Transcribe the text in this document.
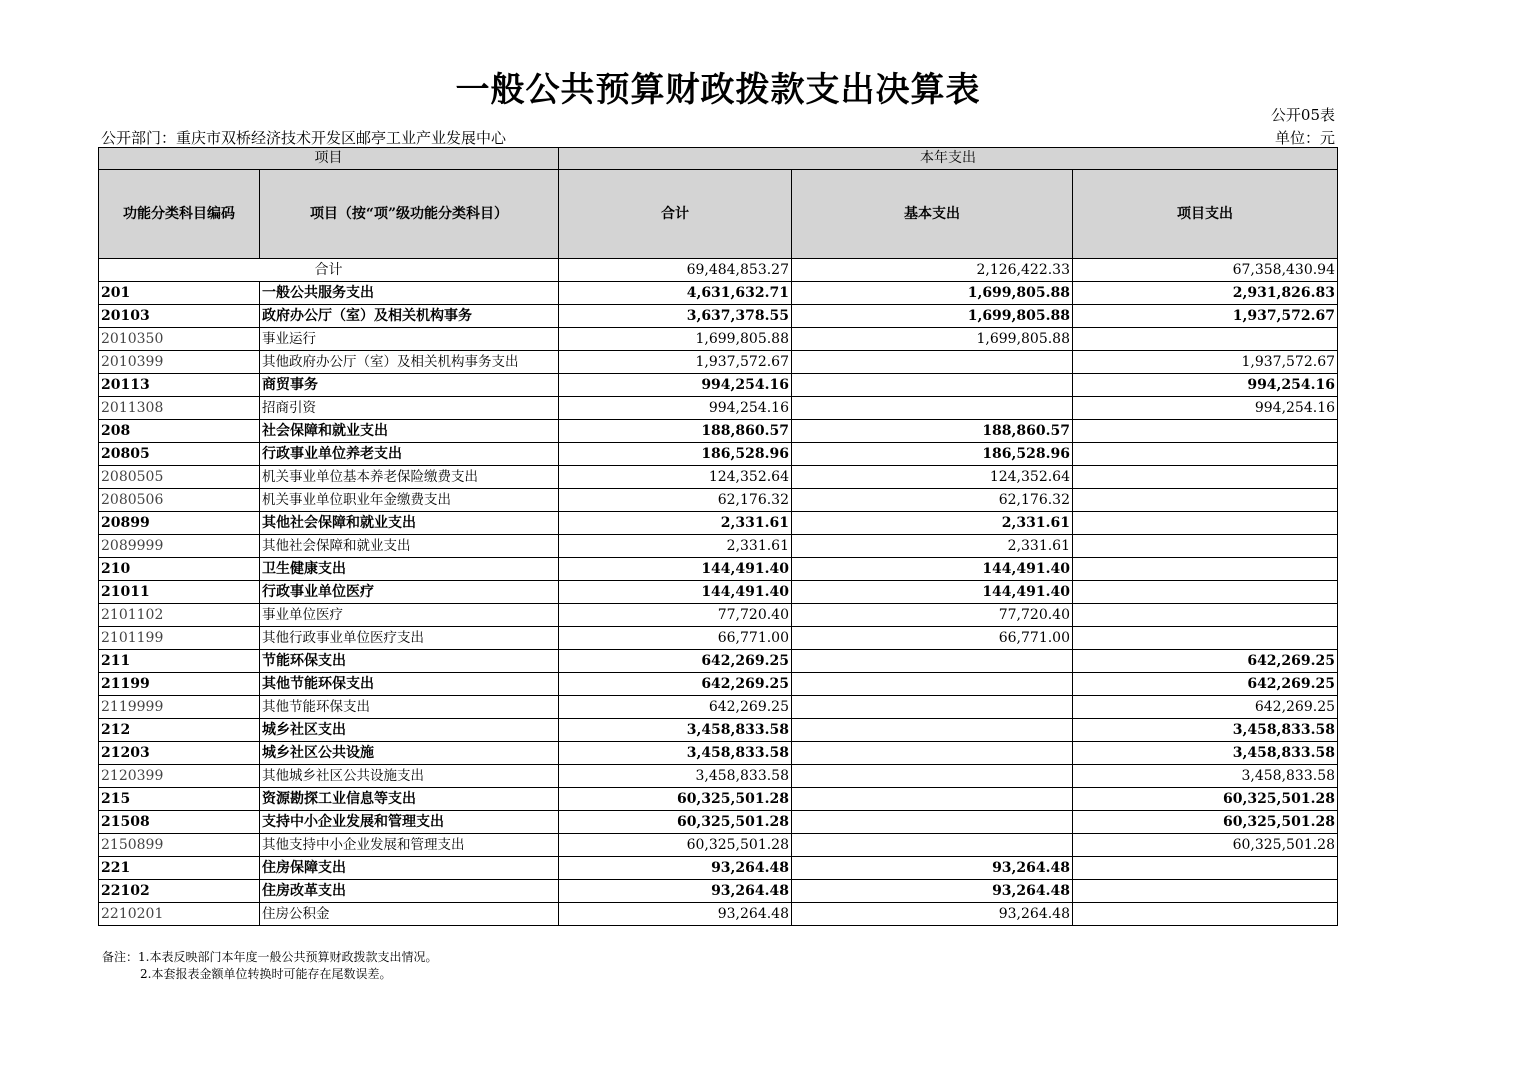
一般公共预算财政拨款支出决算表
公开05表
公开部门：重庆市双桥经济技术开发区邮亭工业产业发展中心	单位：元
项目		本年支出		
功能分类科目编码	项目（按“项”级功能分类科目）	合计	基本支出	项目支出
合计		69,484,853.27	2,126,422.33	67,358,430.94
201	一般公共服务支出	4,631,632.71	1,699,805.88	2,931,826.83
20103	政府办公厅（室）及相关机构事务	3,637,378.55	1,699,805.88	1,937,572.67
2010350	事业运行	1,699,805.88	1,699,805.88	
2010399	其他政府办公厅（室）及相关机构事务支出	1,937,572.67		1,937,572.67
20113	商贸事务	994,254.16		994,254.16
2011308	招商引资	994,254.16		994,254.16
208	社会保障和就业支出	188,860.57	188,860.57	
20805	行政事业单位养老支出	186,528.96	186,528.96	
2080505	机关事业单位基本养老保险缴费支出	124,352.64	124,352.64	
2080506	机关事业单位职业年金缴费支出	62,176.32	62,176.32	
20899	其他社会保障和就业支出	2,331.61	2,331.61	
2089999	其他社会保障和就业支出	2,331.61	2,331.61	
210	卫生健康支出	144,491.40	144,491.40	
21011	行政事业单位医疗	144,491.40	144,491.40	
2101102	事业单位医疗	77,720.40	77,720.40	
2101199	其他行政事业单位医疗支出	66,771.00	66,771.00	
211	节能环保支出	642,269.25		642,269.25
21199	其他节能环保支出	642,269.25		642,269.25
2119999	其他节能环保支出	642,269.25		642,269.25
212	城乡社区支出	3,458,833.58		3,458,833.58
21203	城乡社区公共设施	3,458,833.58		3,458,833.58
2120399	其他城乡社区公共设施支出	3,458,833.58		3,458,833.58
215	资源勘探工业信息等支出	60,325,501.28		60,325,501.28
21508	支持中小企业发展和管理支出	60,325,501.28		60,325,501.28
2150899	其他支持中小企业发展和管理支出	60,325,501.28		60,325,501.28
221	住房保障支出	93,264.48	93,264.48	
22102	住房改革支出	93,264.48	93,264.48	
2210201	住房公积金	93,264.48	93,264.48	
备注：1.本表反映部门本年度一般公共预算财政拨款支出情况。
2.本套报表金额单位转换时可能存在尾数误差。
